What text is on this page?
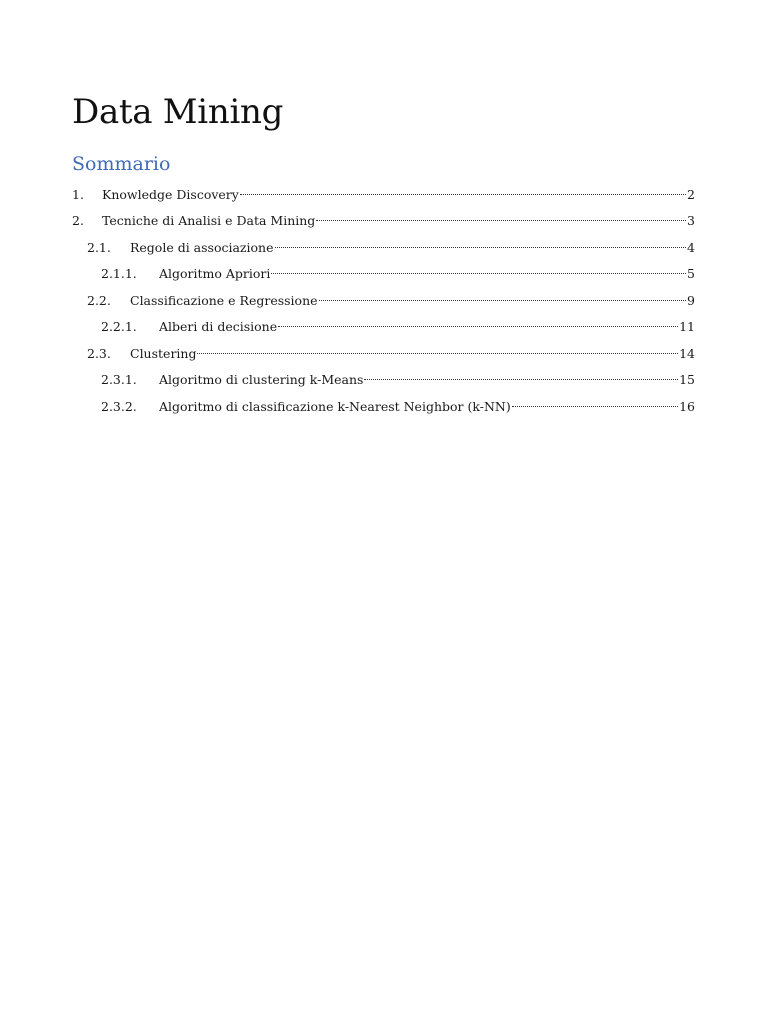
Data Mining
Sommario
1.	Knowledge Discovery	2
2.	Tecniche di Analisi e Data Mining	3
2.1.	Regole di associazione	4
2.1.1.	Algoritmo Apriori	5
2.2.	Classificazione e Regressione	9
2.2.1.	Alberi di decisione	11
2.3.	Clustering	14
2.3.1.	Algoritmo di clustering k-Means	15
2.3.2.	Algoritmo di classificazione k-Nearest Neighbor (k-NN)	16
